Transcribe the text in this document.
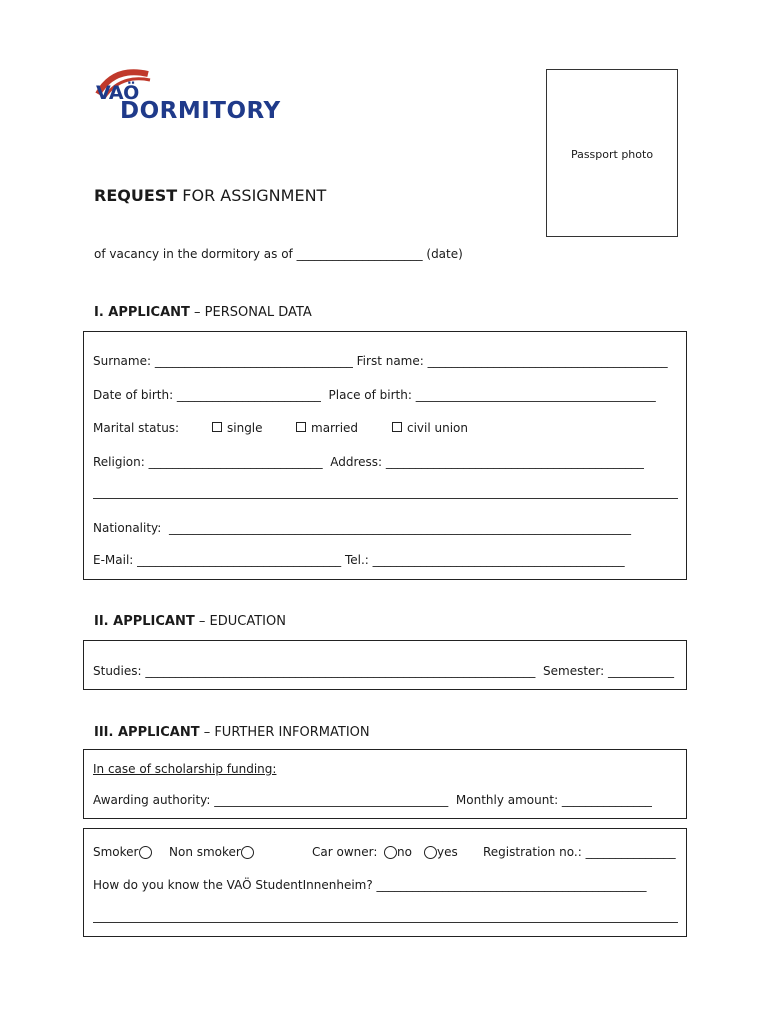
VAÖ
DORMITORY
Passport photo
REQUEST FOR ASSIGNMENT
of vacancy in the dormitory as of _____________________ (date)
I. APPLICANT – PERSONAL DATA
Surname: _________________________________ First name: ________________________________________
Date of birth: ________________________  Place of birth: ________________________________________
Marital status:	single	married	civil union
Religion: _____________________________  Address: ___________________________________________
Nationality:  _____________________________________________________________________________
E-Mail: __________________________________ Tel.: __________________________________________
II. APPLICANT – EDUCATION
Studies: _________________________________________________________________  Semester: ___________
III. APPLICANT – FURTHER INFORMATION
In case of scholarship funding:
Awarding authority: _______________________________________  Monthly amount: _______________
Smoker	Non smoker	Car owner:	no	yes Registration no.: _______________
How do you know the VAÖ StudentInnenheim? _____________________________________________
